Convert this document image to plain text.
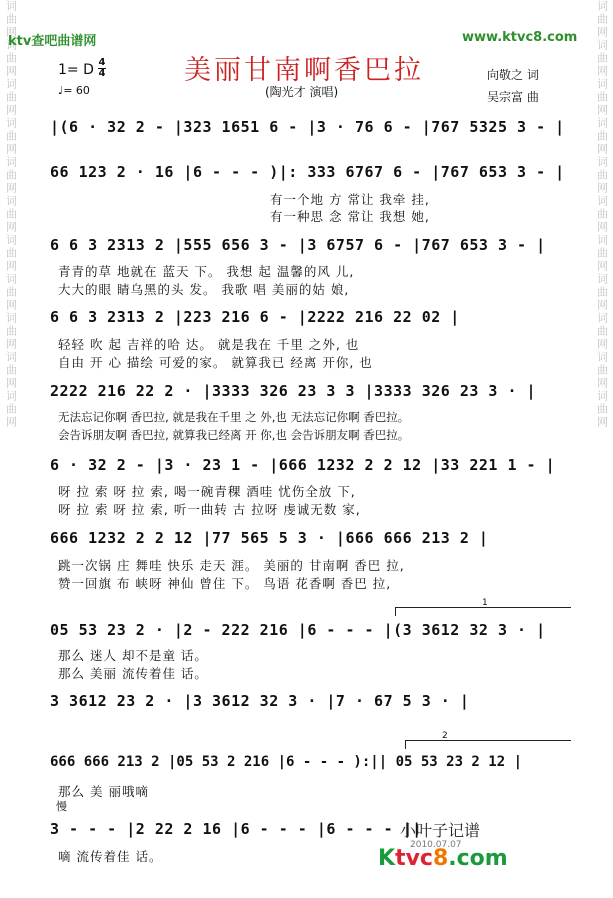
词曲网词曲网词曲网词曲网词曲网词曲网词曲网词曲网词曲网词曲网词曲网	词曲网词曲网词曲网词曲网词曲网词曲网词曲网词曲网词曲网词曲网词曲网
ktv查吧曲谱网	www.ktvc8.com
美丽甘南啊香巴拉
(陶光才 演唱)
1= D 4
4
♩= 60
向敬之 词
吴宗富 曲
|(6 · 32 2 - |323 1651 6 - |3 · 76 6 - |767 5325 3 - |
66 123 2 · 16 |6 - - - )|: 333 6767 6 - |767 653 3 - |
有一个地 方 常让 我牵 挂,
有一种思 念 常让 我想 她,
6 6 3 2313 2 |555 656 3 - |3 6757 6 - |767 653 3 - |
青青的草 地就在 蓝天 下。 我想 起 温馨的风 儿,
大大的眼 睛乌黑的头 发。 我歌 唱 美丽的姑 娘,
6 6 3 2313 2 |223 216 6 - |2222 216 22 02 |
轻轻 吹 起 吉祥的哈 达。 就是我在 千里 之外, 也
自由 开 心 描绘 可爱的家。 就算我已 经离 开你, 也
2222 216 22 2 · |3333 326 23 3 3 |3333 326 23 3 · |
无法忘记你啊 香巴拉, 就是我在千里 之 外,也 无法忘记你啊 香巴拉。
会告诉朋友啊 香巴拉, 就算我已经离 开 你,也 会告诉朋友啊 香巴拉。
6 · 32 2 - |3 · 23 1 - |666 1232 2 2 12 |33 221 1 - |
呀 拉 索 呀 拉 索, 喝一碗青稞 酒哇 忧伤全放 下,
呀 拉 索 呀 拉 索, 听一曲转 古 拉呀 虔诚无数 家,
666 1232 2 2 12 |77 565 5 3 · |666 666 213 2 |
跳一次锅 庄 舞哇 快乐 走天 涯。 美丽的 甘南啊 香巴 拉,
赞一回旗 布 峡呀 神仙 曾住 下。 鸟语 花香啊 香巴 拉,
1
05 53 23 2 · |2 - 222 216 |6 - - - |(3 3612 32 3 · |
那么 迷人 却不是童 话。
那么 美丽 流传着佳 话。
3 3612 23 2 · |3 3612 32 3 · |7 · 67 5 3 · |
2
666 666 213 2 |05 53 2 216 |6 - - - ):|| 05 53 23 2 12 |
那么 美 丽哦嘀
慢
3 - - - |2 22 2 16 |6 - - - |6 - - - ||
嘀 流传着佳 话。
小叶子记谱
2010.07.07
Ktvc8.com
